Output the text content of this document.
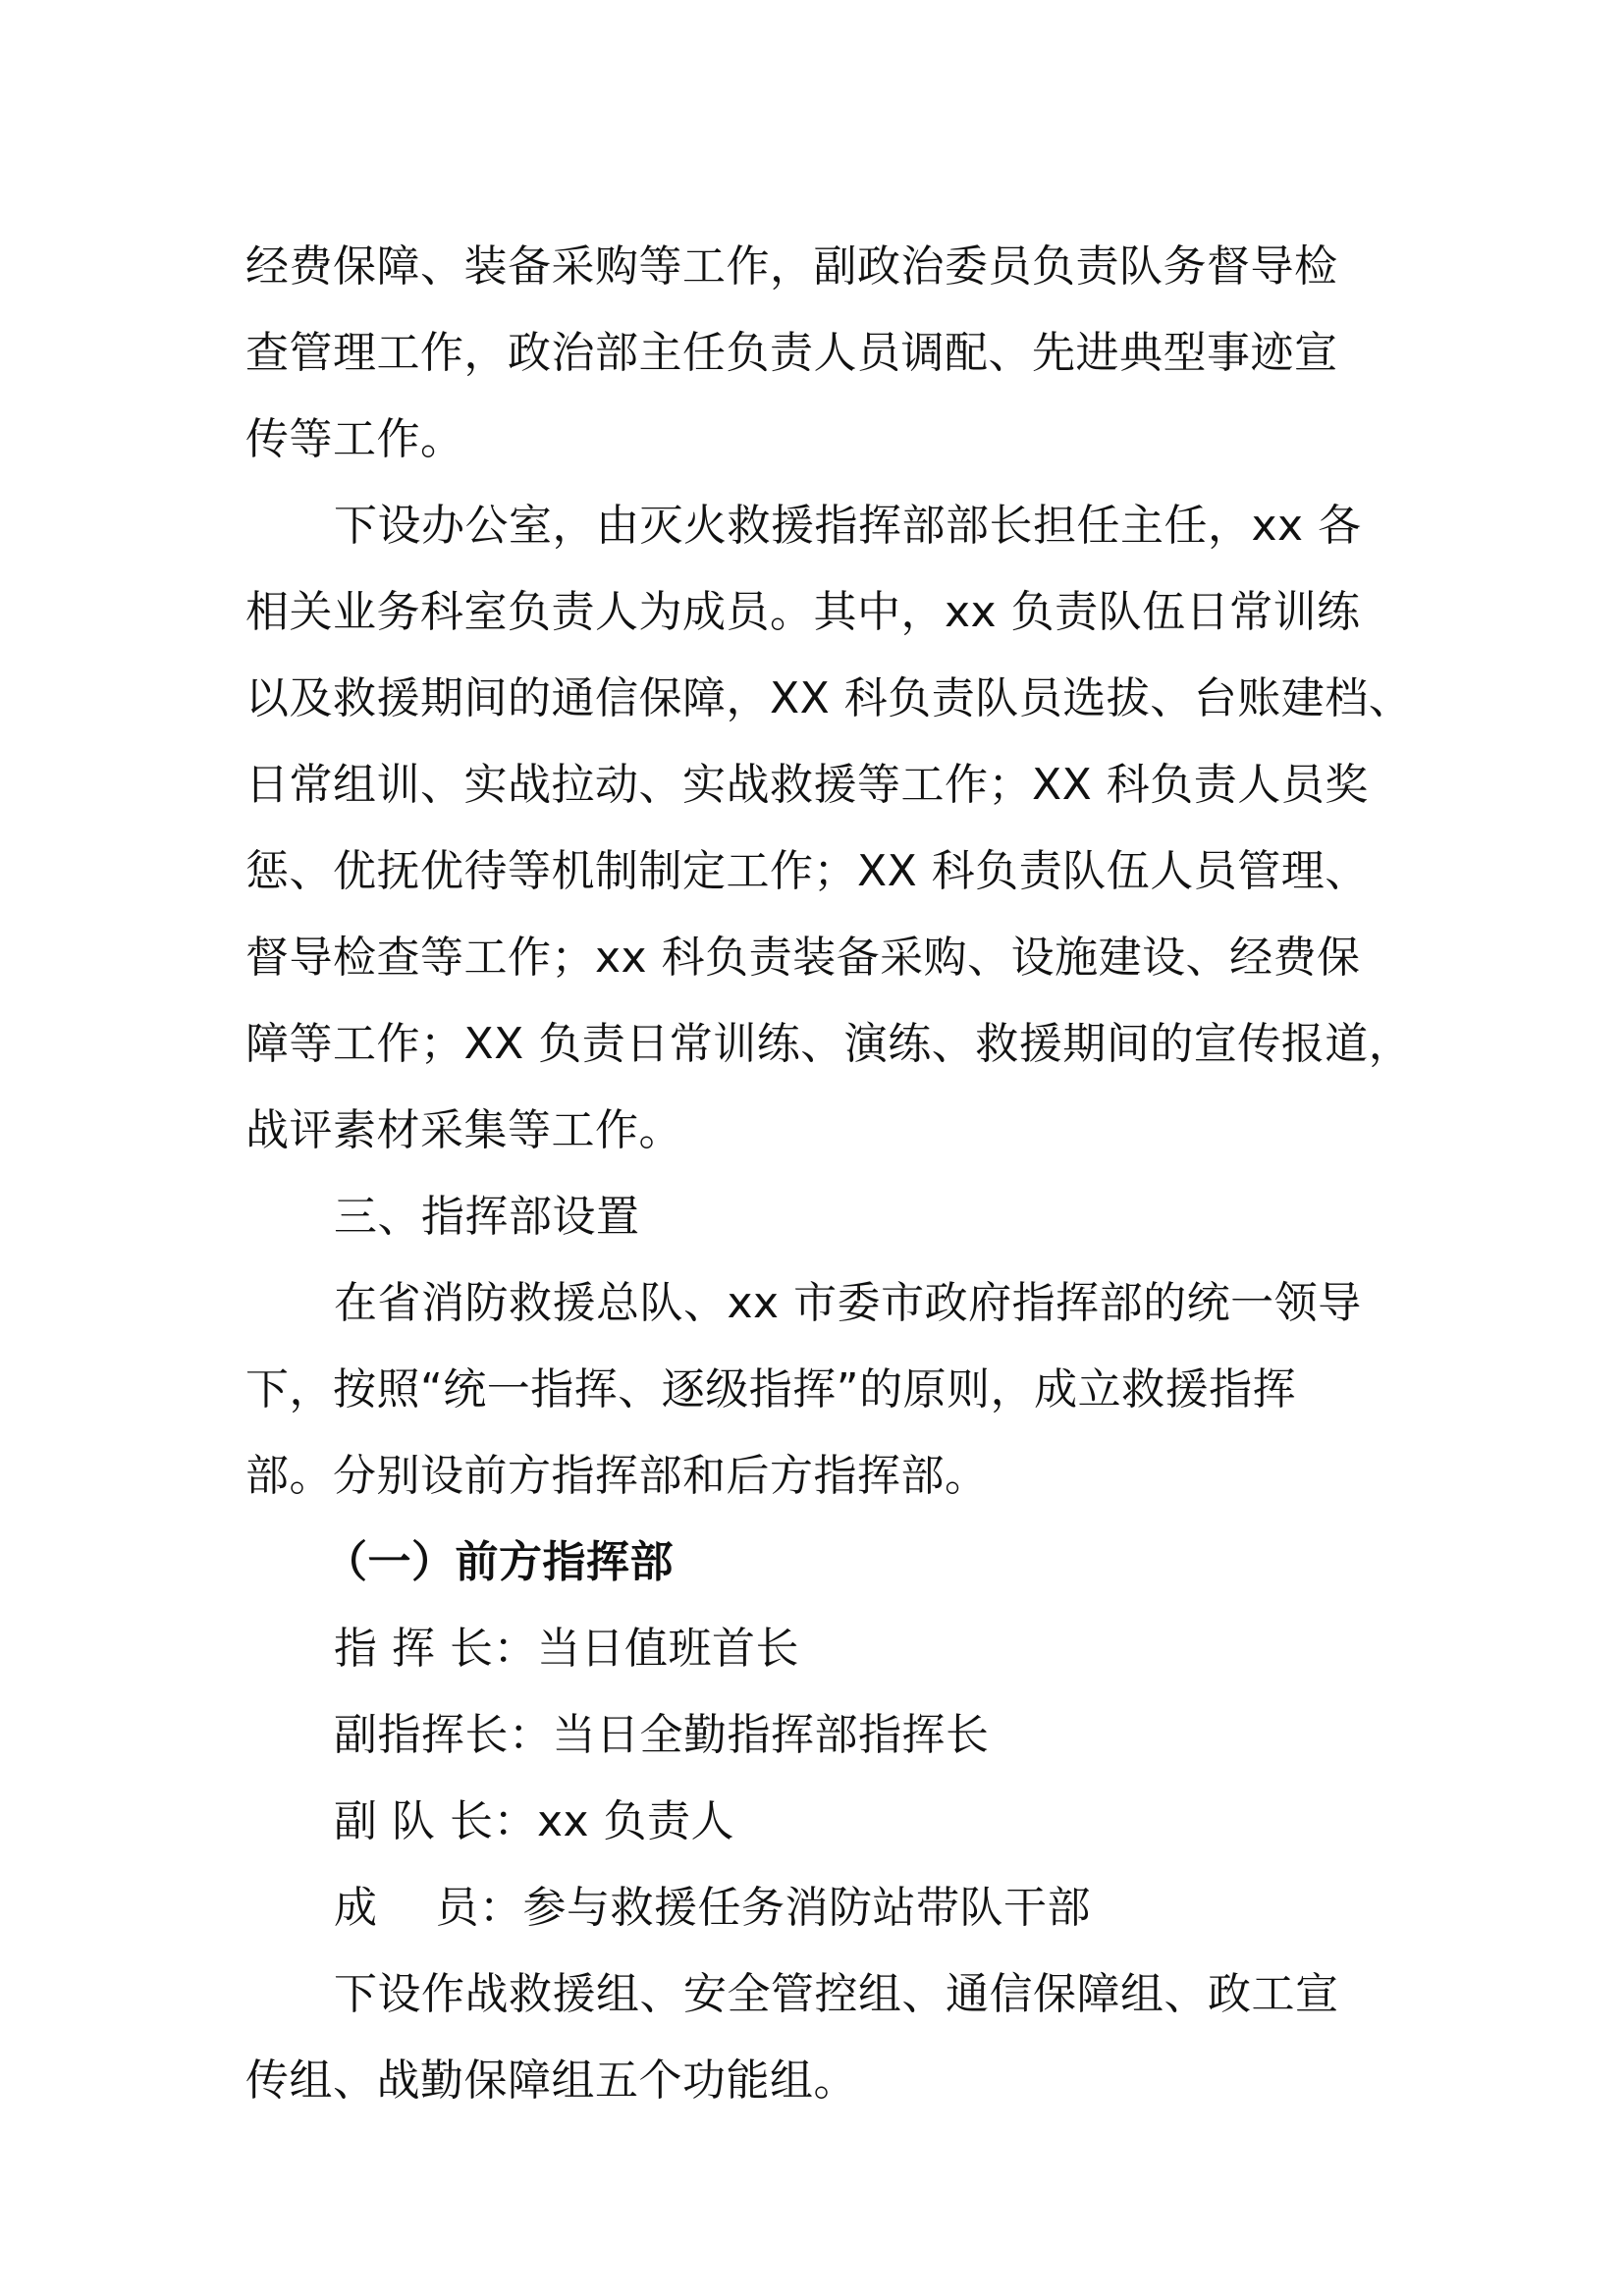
经费保障、装备采购等工作，副政治委员负责队务督导检
查管理工作，政治部主任负责人员调配、先进典型事迹宣
传等工作。
下设办公室，由灭火救援指挥部部长担任主任，xx 各
相关业务科室负责人为成员。其中，xx 负责队伍日常训练
以及救援期间的通信保障，XX 科负责队员选拔、台账建档、
日常组训、实战拉动、实战救援等工作；XX 科负责人员奖
惩、优抚优待等机制制定工作；XX 科负责队伍人员管理、
督导检查等工作；xx 科负责装备采购、设施建设、经费保
障等工作；XX 负责日常训练、演练、救援期间的宣传报道，
战评素材采集等工作。
三、指挥部设置
在省消防救援总队、xx 市委市政府指挥部的统一领导
下，按照“统一指挥、逐级指挥”的原则，成立救援指挥
部。分别设前方指挥部和后方指挥部。
（一）前方指挥部
指 挥 长：当日值班首长
副指挥长：当日全勤指挥部指挥长
副 队 长：xx 负责人
成　 员：参与救援任务消防站带队干部
下设作战救援组、安全管控组、通信保障组、政工宣
传组、战勤保障组五个功能组。
